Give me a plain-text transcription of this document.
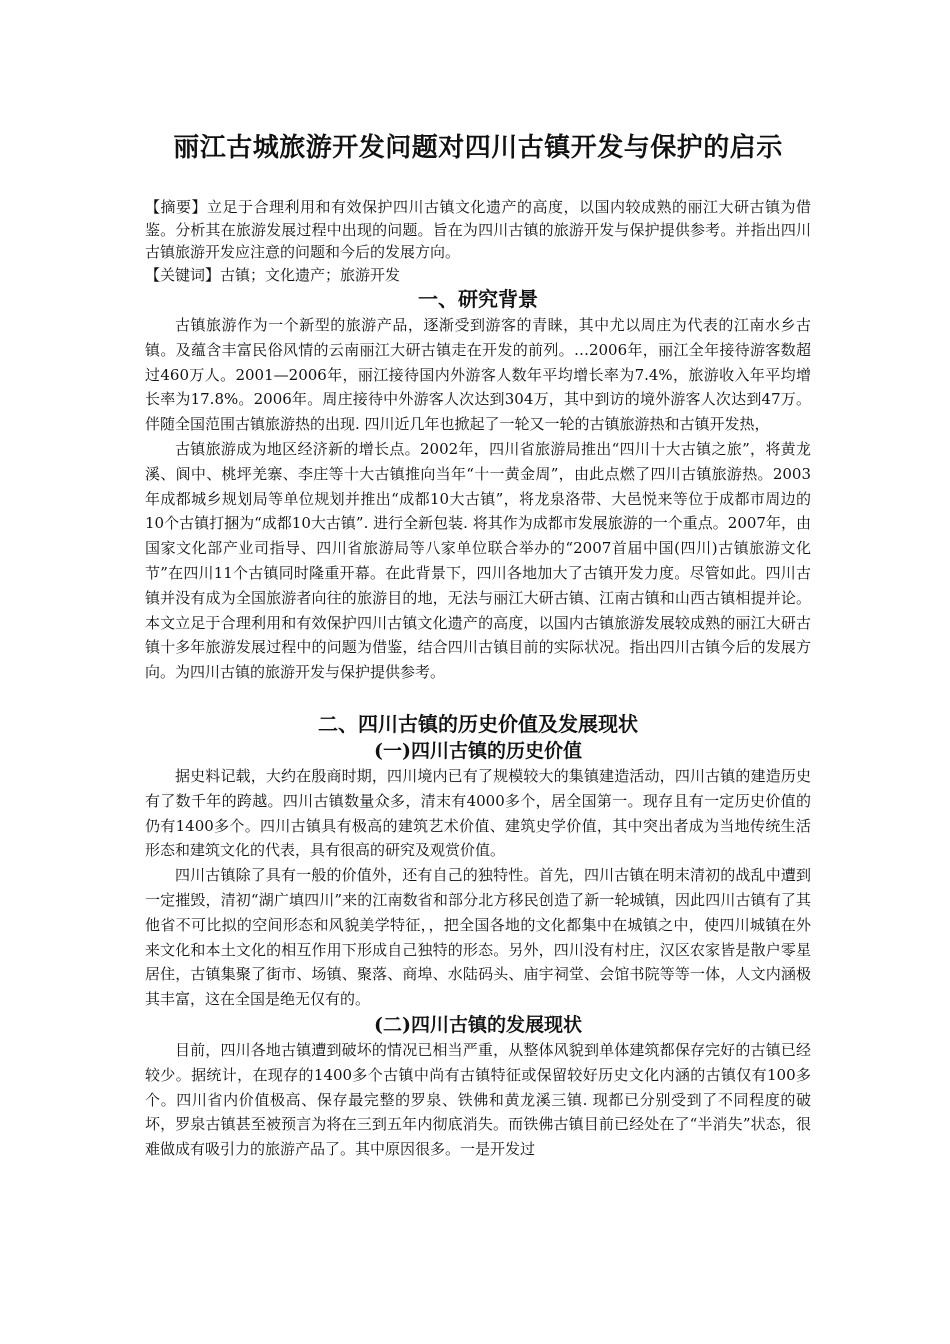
丽江古城旅游开发问题对四川古镇开发与保护的启示

【摘要】立足于合理利用和有效保护四川古镇文化遗产的高度，以国内较成熟的丽江大研古镇为借鉴。分析其在旅游发展过程中出现的问题。旨在为四川古镇的旅游开发与保护提供参考。并指出四川古镇旅游开发应注意的问题和今后的发展方向。

【关键词】古镇；文化遗产；旅游开发

一、研究背景

古镇旅游作为一个新型的旅游产品，逐渐受到游客的青睐，其中尤以周庄为代表的江南水乡古镇。及蕴含丰富民俗风情的云南丽江大研古镇走在开发的前列。…2006年，丽江全年接待游客数超过460万人。2001—2006年，丽江接待国内外游客人数年平均增长率为7.4%，旅游收入年平均增长率为17.8%。2006年。周庄接待中外游客人次达到304万，其中到访的境外游客人次达到47万。伴随全国范围古镇旅游热的出现. 四川近几年也掀起了一轮又一轮的古镇旅游热和古镇开发热，

古镇旅游成为地区经济新的增长点。2002年，四川省旅游局推出“四川十大古镇之旅”，将黄龙溪、阆中、桃坪羌寨、李庄等十大古镇推向当年“十一黄金周”，由此点燃了四川古镇旅游热。2003年成都城乡规划局等单位规划并推出“成都10大古镇”，将龙泉洛带、大邑悦来等位于成都市周边的10个古镇打捆为“成都10大古镇”. 进行全新包装. 将其作为成都市发展旅游的一个重点。2007年，由国家文化部产业司指导、四川省旅游局等八家单位联合举办的“2007首届中国(四川)古镇旅游文化节”在四川11个古镇同时隆重开幕。在此背景下，四川各地加大了古镇开发力度。尽管如此。四川古镇并没有成为全国旅游者向往的旅游目的地，无法与丽江大研古镇、江南古镇和山西古镇相提并论。本文立足于合理利用和有效保护四川古镇文化遗产的高度，以国内古镇旅游发展较成熟的丽江大研古镇十多年旅游发展过程中的问题为借鉴，结合四川古镇目前的实际状况。指出四川古镇今后的发展方向。为四川古镇的旅游开发与保护提供参考。

二、四川古镇的历史价值及发展现状
(一)四川古镇的历史价值

据史料记载，大约在殷商时期，四川境内已有了规模较大的集镇建造活动，四川古镇的建造历史有了数千年的跨越。四川古镇数量众多，清末有4000多个，居全国第一。现存且有一定历史价值的仍有1400多个。四川古镇具有极高的建筑艺术价值、建筑史学价值，其中突出者成为当地传统生活形态和建筑文化的代表，具有很高的研究及观赏价值。

四川古镇除了具有一般的价值外，还有自己的独特性。首先，四川古镇在明末清初的战乱中遭到一定摧毁，清初“湖广填四川”来的江南数省和部分北方移民创造了新一轮城镇，因此四川古镇有了其他省不可比拟的空间形态和风貌美学特征，，把全国各地的文化都集中在城镇之中，使四川城镇在外来文化和本土文化的相互作用下形成自己独特的形态。另外，四川没有村庄，汉区农家皆是散户零星居住，古镇集聚了街市、场镇、聚落、商埠、水陆码头、庙宇祠堂、会馆书院等等一体，人文内涵极其丰富，这在全国是绝无仅有的。

(二)四川古镇的发展现状

目前，四川各地古镇遭到破坏的情况已相当严重，从整体风貌到单体建筑都保存完好的古镇已经较少。据统计，在现存的1400多个古镇中尚有古镇特征或保留较好历史文化内涵的古镇仅有100多个。四川省内价值极高、保存最完整的罗泉、铁佛和黄龙溪三镇. 现都已分别受到了不同程度的破坏，罗泉古镇甚至被预言为将在三到五年内彻底消失。而铁佛古镇目前已经处在了“半消失”状态，很难做成有吸引力的旅游产品了。其中原因很多。一是开发过
